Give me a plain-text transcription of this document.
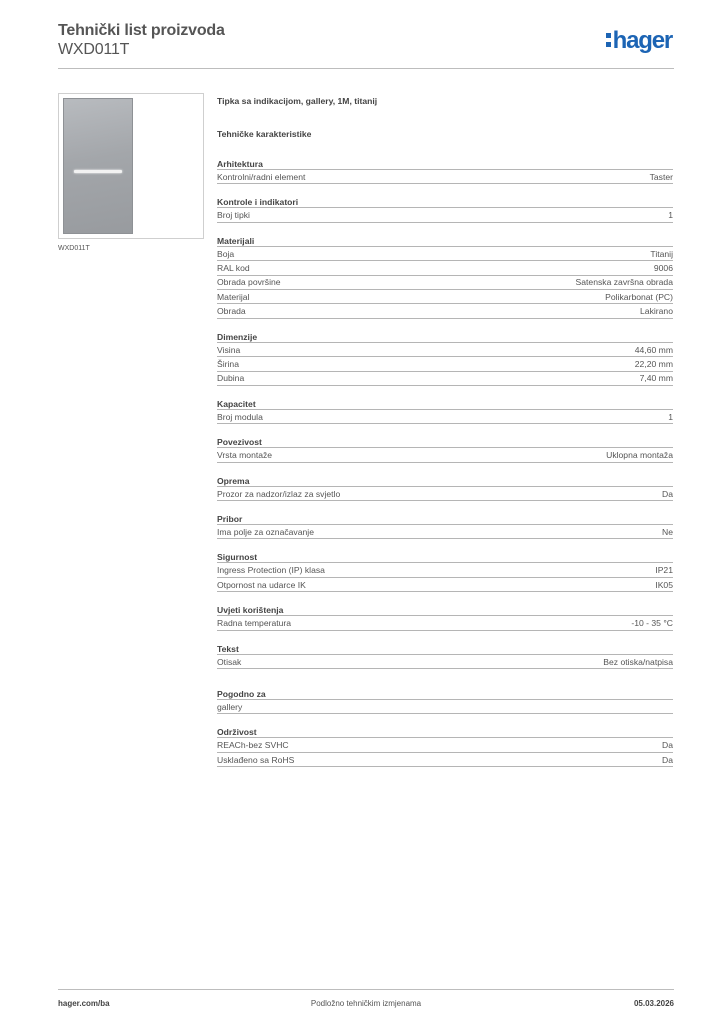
Tehnički list proizvoda
WXD011T	hager
WXD011T
Tipka sa indikacijom, gallery, 1M, titanij
Tehničke karakteristike
Arhitektura
Kontrolni/radni element	Taster
Kontrole i indikatori
Broj tipki	1
Materijali
Boja	Titanij
RAL kod	9006
Obrada površine	Satenska završna obrada
Materijal	Polikarbonat (PC)
Obrada	Lakirano
Dimenzije
Visina	44,60 mm
Širina	22,20 mm
Dubina	7,40 mm
Kapacitet
Broj modula	1
Povezivost
Vrsta montaže	Uklopna montaža
Oprema
Prozor za nadzor/izlaz za svjetlo	Da
Pribor
Ima polje za označavanje	Ne
Sigurnost
Ingress Protection (IP) klasa	IP21
Otpornost na udarce IK	IK05
Uvjeti korištenja
Radna temperatura	-10 - 35 °C
Tekst
Otisak	Bez otiska/natpisa
Pogodno za
gallery
Održivost
REACh-bez SVHC	Da
Usklađeno sa RoHS	Da
hager.com/ba	Podložno tehničkim izmjenama	05.03.2026
